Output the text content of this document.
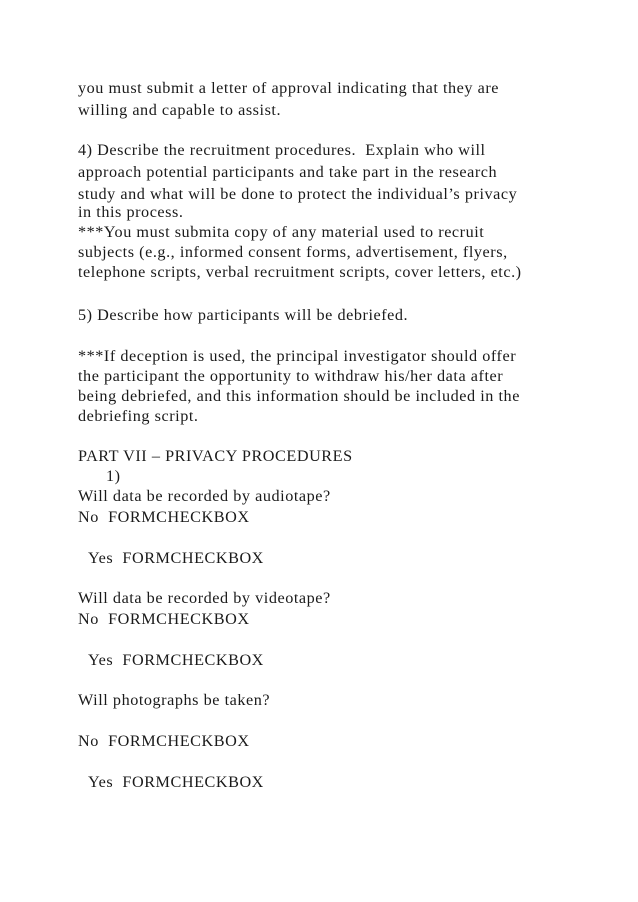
you must submit a letter of approval indicating that they are
willing and capable to assist.
4) Describe the recruitment procedures.  Explain who will
approach potential participants and take part in the research
study and what will be done to protect the individual’s privacy
in this process.
***You must submita copy of any material used to recruit
subjects (e.g., informed consent forms, advertisement, flyers,
telephone scripts, verbal recruitment scripts, cover letters, etc.)
5) Describe how participants will be debriefed.
***If deception is used, the principal investigator should offer
the participant the opportunity to withdraw his/her data after
being debriefed, and this information should be included in the
debriefing script.
PART VII – PRIVACY PROCEDURES
1)
Will data be recorded by audiotape?
No  FORMCHECKBOX
Yes  FORMCHECKBOX
Will data be recorded by videotape?
No  FORMCHECKBOX
Yes  FORMCHECKBOX
Will photographs be taken?
No  FORMCHECKBOX
Yes  FORMCHECKBOX
